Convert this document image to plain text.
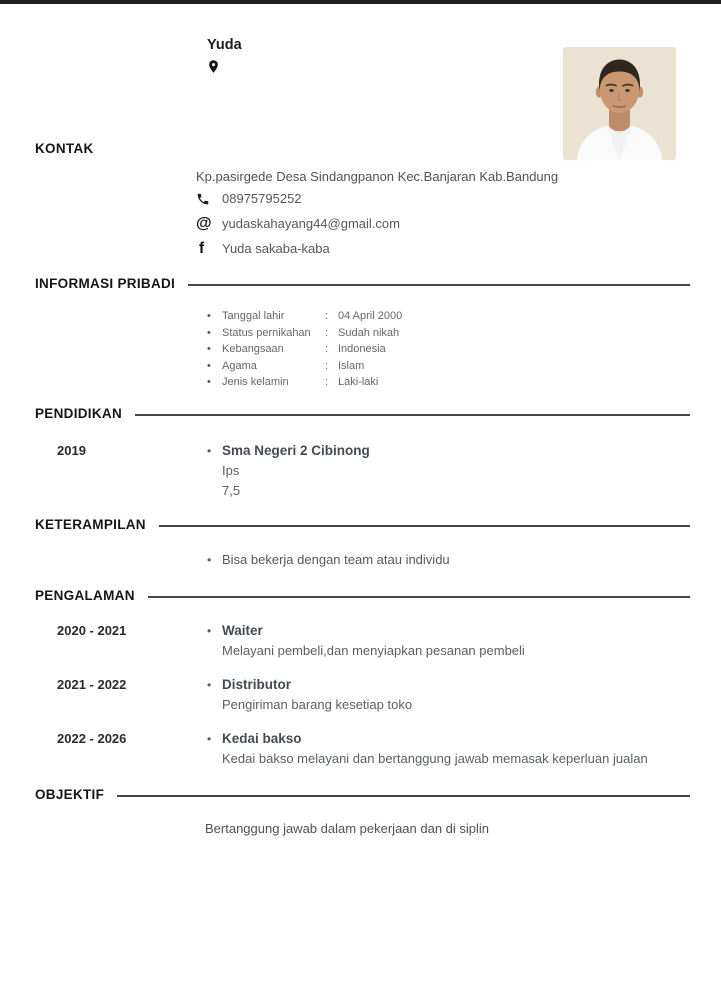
KONTAK
Yuda
Kp.pasirgede Desa Sindangpanon Kec.Banjaran Kab.Bandung
08975795252
@ yudaskahayang44@gmail.com
f	Yuda sakaba-kaba
INFORMASI PRIBADI
•	Tanggal lahir	: 04 April 2000
•	Status pernikahan	: Sudah nikah
•	Kebangsaan	: Indonesia
•	Agama	: Islam
•	Jenis kelamin	: Laki-laki
PENDIDIKAN
2019	• Sma Negeri 2 Cibinong
Ips
7,5
KETERAMPILAN
• Bisa bekerja dengan team atau individu
PENGALAMAN
2020 - 2021	• Waiter
Melayani pembeli,dan menyiapkan pesanan pembeli
2021 - 2022	• Distributor
Pengiriman barang kesetiap toko
2022 - 2026	• Kedai bakso
Kedai bakso melayani dan bertanggung jawab memasak keperluan jualan
OBJEKTIF
Bertanggung jawab dalam pekerjaan dan di siplin
